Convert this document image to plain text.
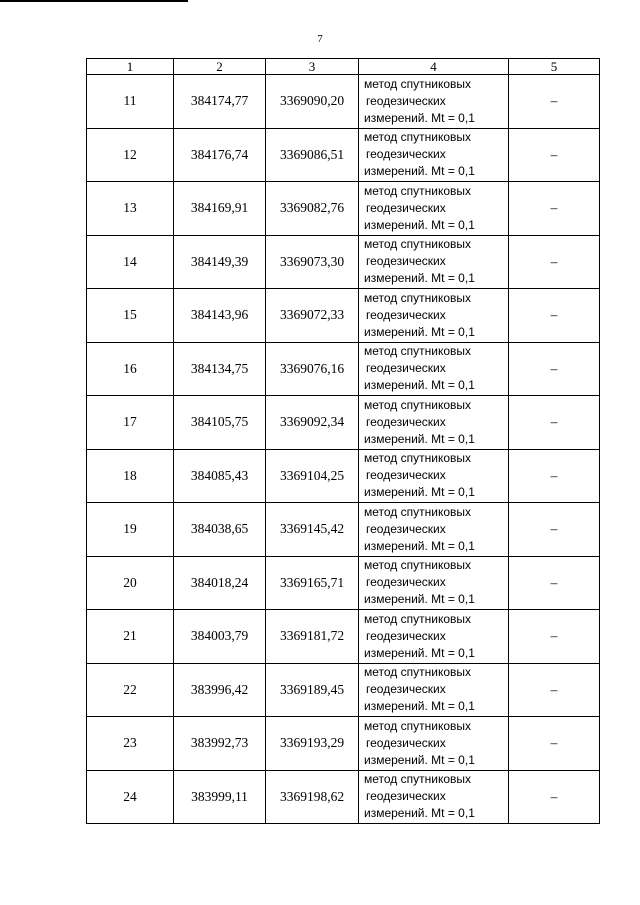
7
1	2	3	4	5
11	384174,77	3369090,20	метод спутниковых
геодезических
измерений. Mt = 0,1	–
12	384176,74	3369086,51	метод спутниковых
геодезических
измерений. Mt = 0,1	–
13	384169,91	3369082,76	метод спутниковых
геодезических
измерений. Mt = 0,1	–
14	384149,39	3369073,30	метод спутниковых
геодезических
измерений. Mt = 0,1	–
15	384143,96	3369072,33	метод спутниковых
геодезических
измерений. Mt = 0,1	–
16	384134,75	3369076,16	метод спутниковых
геодезических
измерений. Mt = 0,1	–
17	384105,75	3369092,34	метод спутниковых
геодезических
измерений. Mt = 0,1	–
18	384085,43	3369104,25	метод спутниковых
геодезических
измерений. Mt = 0,1	–
19	384038,65	3369145,42	метод спутниковых
геодезических
измерений. Mt = 0,1	–
20	384018,24	3369165,71	метод спутниковых
геодезических
измерений. Mt = 0,1	–
21	384003,79	3369181,72	метод спутниковых
геодезических
измерений. Mt = 0,1	–
22	383996,42	3369189,45	метод спутниковых
геодезических
измерений. Mt = 0,1	–
23	383992,73	3369193,29	метод спутниковых
геодезических
измерений. Mt = 0,1	–
24	383999,11	3369198,62	метод спутниковых
геодезических
измерений. Mt = 0,1	–
